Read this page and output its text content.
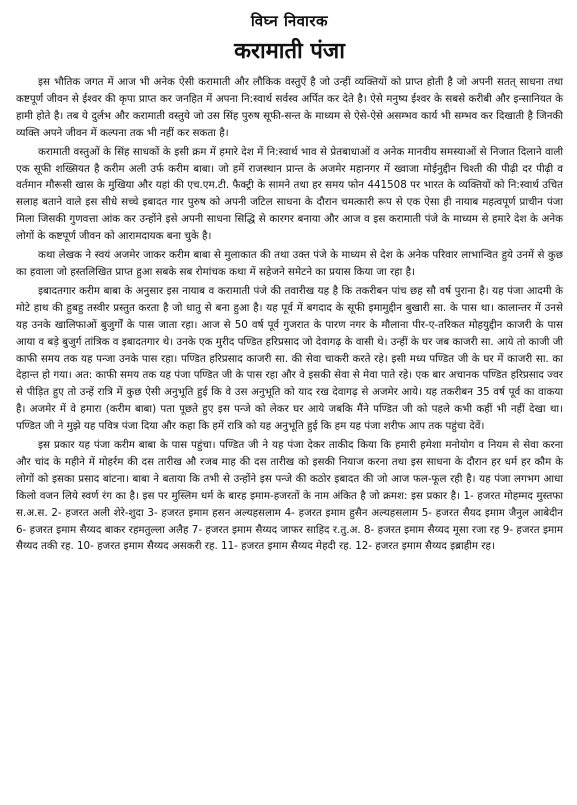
विघ्न निवारक
करामाती पंजा

इस भौतिक जगत में आज भी अनेक ऐसी करामाती और लौकिक वस्तुऐं है जो उन्हीं व्यक्तियों को प्राप्त होती है जो अपनी सतत् साधना तथा कष्टपूर्ण जीवन से ईश्वर की कृपा प्राप्त कर जनहित में अपना नि:स्वार्थ सर्वस्व अर्पित कर देते है। ऐसे मनुष्य ईश्वर के सबसे करीबी और इन्सानियत के हामी होते है। तब ये दुर्लभ और करामाती वस्तुये जो उस सिंह पुरुष सूफी-सन्त के माध्यम से ऐसे-ऐसे असम्भव कार्य भी सम्भव कर दिखाती है जिनकी व्यक्ति अपने जीवन में कल्पना तक भी नहीं कर सकता है।

करामाती वस्तुओं के सिंह साधकों के इसी क्रम में हमारे देश में नि:स्वार्थ भाव से प्रेतबाधाओं व अनेक मानवीय समस्याओं से निजात दिलाने वाली एक सूफी शख्सियत है करीम अली उर्फ करीम बाबा। जो हमें राजस्थान प्रान्त के अजमेर महानगर में ख्वाजा मोईनुद्दीन चिश्ती की पीढ़ी दर पीढ़ी व वर्तमान मौरूसी खास के मुखिया और यहां की एच.एम.टी. फैक्ट्री के सामने तथा हर समय फोन 441508 पर भारत के व्यक्तियों को नि:स्वार्थ उचित सलाह बताने वाले इस सीधे सच्चे इबादत गार पुरुष को अपनी जटिल साधना के दौरान चमत्कारी रूप से एक ऐसा ही नायाब महत्वपूर्ण प्राचीन पंजा मिला जिसकी गुणवत्ता आंक कर उन्होंने इसे अपनी साधना सिद्धि से कारगर बनाया और आज व इस करामाती पंजे के माध्यम से हमारे देश के अनेक लोगों के कष्टपूर्ण जीवन को आरामदायक बना चुके है।

कथा लेखक ने स्वयं अजमेर जाकर करीम बाबा से मुलाकात की तथा उक्त पंजे के माध्यम से देश के अनेक परिवार लाभान्वित हुये उनमें से कुछ का हवाला जो हस्तलिखित प्राप्त हुआ सबके सब रोमांचक कथा में सहेजने समेटने का प्रयास किया जा रहा है।

इबादतगार करीम बाबा के अनुसार इस नायाब व करामाती पंजे की तवारीख यह है कि तकरीबन पांच छह सौ वर्ष पुराना है। यह पंजा आदमी के मोटे हाथ की हुबहु तस्वीर प्रस्तुत करता है जो धातु से बना हुआ है। यह पूर्व में बगदाद के सूफी इमामुद्दीन बुखारी सा. के पास था। कालान्तर में उनसे यह उनके खालिफाओं बुजुर्गों के पास जाता रहा। आज से 50 वर्ष पूर्व गुजरात के पारण नगर के मौलाना पीर-ए-तरिकत मोहयुद्दीन काजरी के पास आया व बड़े बुजुर्ग तांत्रिक व इबादतगार थे। उनके एक मुरीद पण्डित हरिप्रसाद जो देवागढ़ के वासी थे। उन्हीं के घर जब काजरी सा. आये तो काजी जी काफी समय तक यह पन्जा उनके पास रहा। पण्डित हरिप्रसाद काजरी सा. की सेवा चाकरी करते रहे। इसी मध्य पण्डित जी के घर में काजरी सा. का देहान्त हो गया। अत: काफी समय तक यह पंजा पण्डित जी के पास रहा और वे इसकी सेवा से मेवा पाते रहे। एक बार अचानक पण्डित हरिप्रसाद ज्वर से पीड़ित हुए तो उन्हें रात्रि में कुछ ऐसी अनुभूति हुई कि वे उस अनुभूति को याद रख देवागढ़ से अजमेर आये। यह तकरीबन 35 वर्ष पूर्व का वाकया है। अजमेर में वे हमारा (करीम बाबा) पता पूछते हुए इस पन्जे को लेकर घर आये जबकि मैंने पण्डित जी को पहले कभी कहीं भी नहीं देखा था। पण्डित जी ने मुझे यह पवित्र पंजा दिया और कहा कि हमें रात्रि को यह अनुभूति हुई कि हम यह पंजा शरीफ आप तक पहुंचा देवें।

इस प्रकार यह पंजा करीम बाबा के पास पहुंचा। पण्डित जी ने यह पंजा देकर ताकीद किया कि हमारी हमेशा मनोयोग व नियम से सेवा करना और चांद के महीने में मोहर्रम की दस तारीख औ रजब माह की दस तारीख को इसकी नियाज करना तथा इस साधना के दौरान हर धर्म हर कौम के लोगों को इसका प्रसाद बांटना। बाबा ने बताया कि तभी से उन्होंने इस पन्जे की कठोर इबादत की जो आज फल-फूल रही है। यह पंजा लगभग आधा किलो वजन लिये स्वर्ण रंग का है। इस पर मुस्लिम धर्म के बारह इमाम-हजरतों के नाम अंकित है जो क्रमश: इस प्रकार है। 1- हजरत मोहम्मद मुस्तफा स.अ.स. 2- हजरत अली शेरे-शुदा 3- हजरत इमाम हसन अल्यहसलाम 4- हजरत इमाम हुसैन अल्यहसलाम 5- हजरत सैयद इमाम जैनुल आबेदीन 6- हजरत इमाम सैय्यद बाकर रहमतुल्ला अलैह 7- हजरत इमाम सैय्यद जाफर साहिद र.तु.अ. 8- हजरत इमाम सैय्यद मूसा रजा रह 9- हजरत इमाम सैय्यद तकी रह. 10- हजरत इमाम सैय्यद असकरी रह. 11- हजरत इमाम सैय्यद मेहदी रह. 12- हजरत इमाम सैय्यद इब्राहीम रह।
